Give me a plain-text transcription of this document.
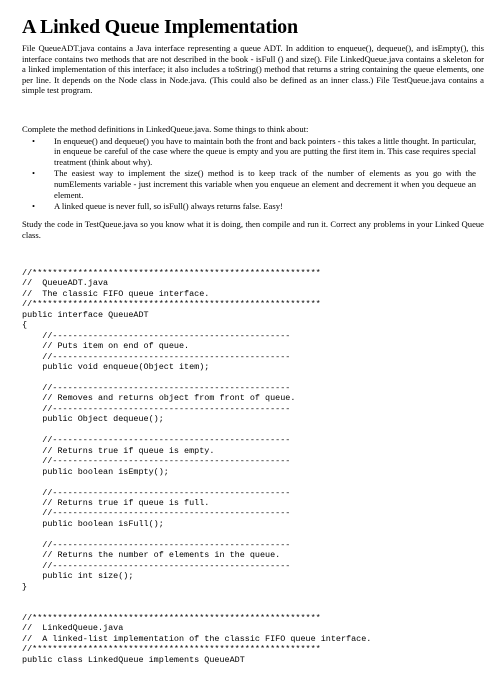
A Linked Queue Implementation

File QueueADT.java contains a Java interface representing a queue ADT. In addition to enqueue(), dequeue(), and isEmpty(), this interface contains two methods that are not described in the book - isFull () and size(). File LinkedQueue.java contains a skeleton for a linked implementation of this interface; it also includes a toString() method that returns a string containing the queue elements, one per line. It depends on the Node class in Node.java. (This could also be defined as an inner class.) File TestQueue.java contains a simple test program.

Complete the method definitions in LinkedQueue.java. Some things to think about:

• In enqueue() and dequeue() you have to maintain both the front and back pointers - this takes a little thought. In particular, in enqueue be careful of the case where the queue is empty and you are putting the first item in. This case requires special treatment (think about why).
• The easiest way to implement the size() method is to keep track of the number of elements as you go with the numElements variable - just increment this variable when you enqueue an element and decrement it when you dequeue an element.
• A linked queue is never full, so isFull() always returns false. Easy!

Study the code in TestQueue.java so you know what it is doing, then compile and run it. Correct any problems in your Linked Queue class.

//*********************************************************
//  QueueADT.java
//  The classic FIFO queue interface.
//*********************************************************
public interface QueueADT
{
//-----------------------------------------------
// Puts item on end of queue.
//-----------------------------------------------
public void enqueue(Object item);

//-----------------------------------------------
// Removes and returns object from front of queue.
//-----------------------------------------------
public Object dequeue();

//-----------------------------------------------
// Returns true if queue is empty.
//-----------------------------------------------
public boolean isEmpty();

//-----------------------------------------------
// Returns true if queue is full.
//-----------------------------------------------
public boolean isFull();

//-----------------------------------------------
// Returns the number of elements in the queue.
//-----------------------------------------------
public int size();
}

//*********************************************************
//  LinkedQueue.java
//  A linked-list implementation of the classic FIFO queue interface.
//*********************************************************
public class LinkedQueue implements QueueADT
